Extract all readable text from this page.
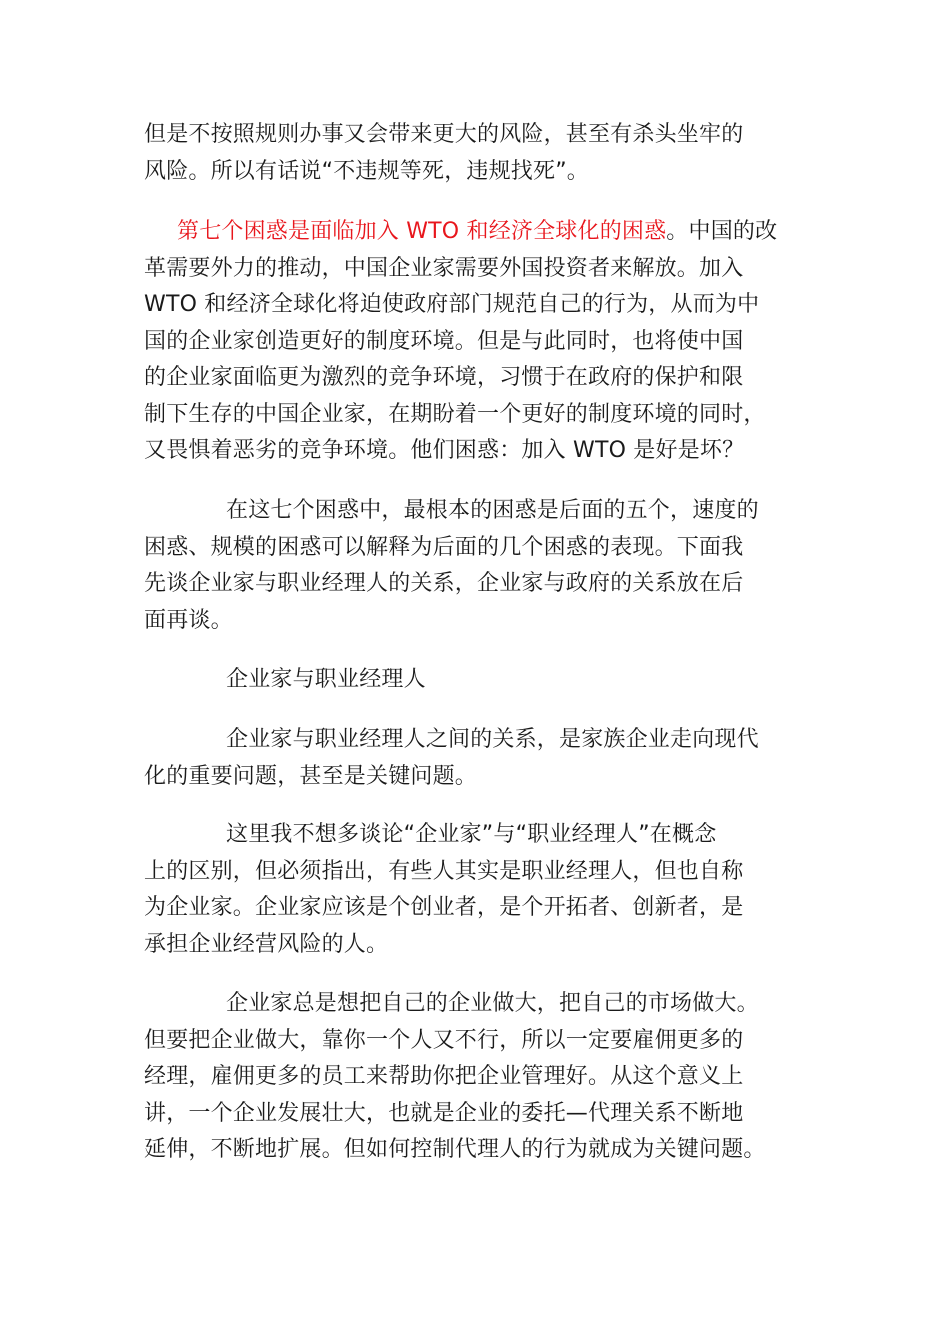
但是不按照规则办事又会带来更大的风险，甚至有杀头坐牢的
风险。所以有话说“不违规等死，违规找死”。
第七个困惑是面临加入 WTO 和经济全球化的困惑。中国的改
革需要外力的推动，中国企业家需要外国投资者来解放。加入
WTO 和经济全球化将迫使政府部门规范自己的行为，从而为中
国的企业家创造更好的制度环境。但是与此同时，也将使中国
的企业家面临更为激烈的竞争环境，习惯于在政府的保护和限
制下生存的中国企业家，在期盼着一个更好的制度环境的同时，
又畏惧着恶劣的竞争环境。他们困惑：加入 WTO 是好是坏？
在这七个困惑中，最根本的困惑是后面的五个，速度的
困惑、规模的困惑可以解释为后面的几个困惑的表现。下面我
先谈企业家与职业经理人的关系，企业家与政府的关系放在后
面再谈。
企业家与职业经理人
企业家与职业经理人之间的关系，是家族企业走向现代
化的重要问题，甚至是关键问题。
这里我不想多谈论“企业家”与“职业经理人”在概念
上的区别，但必须指出，有些人其实是职业经理人，但也自称
为企业家。企业家应该是个创业者，是个开拓者、创新者，是
承担企业经营风险的人。
企业家总是想把自己的企业做大，把自己的市场做大。
但要把企业做大，靠你一个人又不行，所以一定要雇佣更多的
经理，雇佣更多的员工来帮助你把企业管理好。从这个意义上
讲，一个企业发展壮大，也就是企业的委托—代理关系不断地
延伸，不断地扩展。但如何控制代理人的行为就成为关键问题。
